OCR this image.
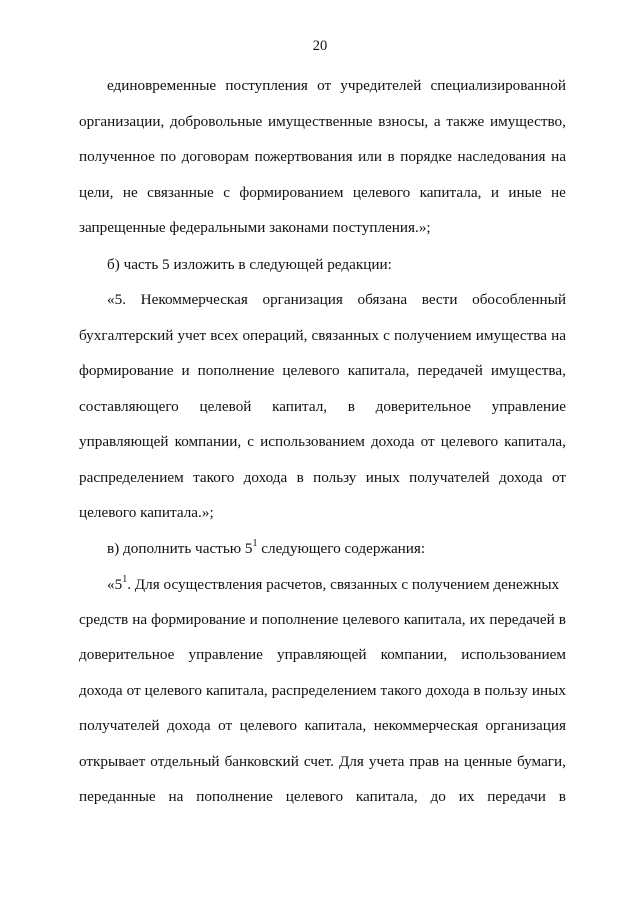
20
единовременные поступления от учредителей специализированной
организации, добровольные имущественные взносы, а также имущество,
полученное по договорам пожертвования или в порядке наследования на
цели, не связанные с формированием целевого капитала, и иные не
запрещенные федеральными законами поступления.»;
б) часть 5 изложить в следующей редакции:
«5. Некоммерческая организация обязана вести обособленный
бухгалтерский учет всех операций, связанных с получением имущества на
формирование и пополнение целевого капитала, передачей имущества,
составляющего целевой капитал, в доверительное управление
управляющей компании, с использованием дохода от целевого капитала,
распределением такого дохода в пользу иных получателей дохода от
целевого капитала.»;
в) дополнить частью $5^1$ следующего содержания:
«$5^1$. Для осуществления расчетов, связанных с получением денежных
средств на формирование и пополнение целевого капитала, их передачей в
доверительное управление управляющей компании, использованием
дохода от целевого капитала, распределением такого дохода в пользу иных
получателей дохода от целевого капитала, некоммерческая организация
открывает отдельный банковский счет. Для учета прав на ценные бумаги,
переданные на пополнение целевого капитала, до их передачи в
